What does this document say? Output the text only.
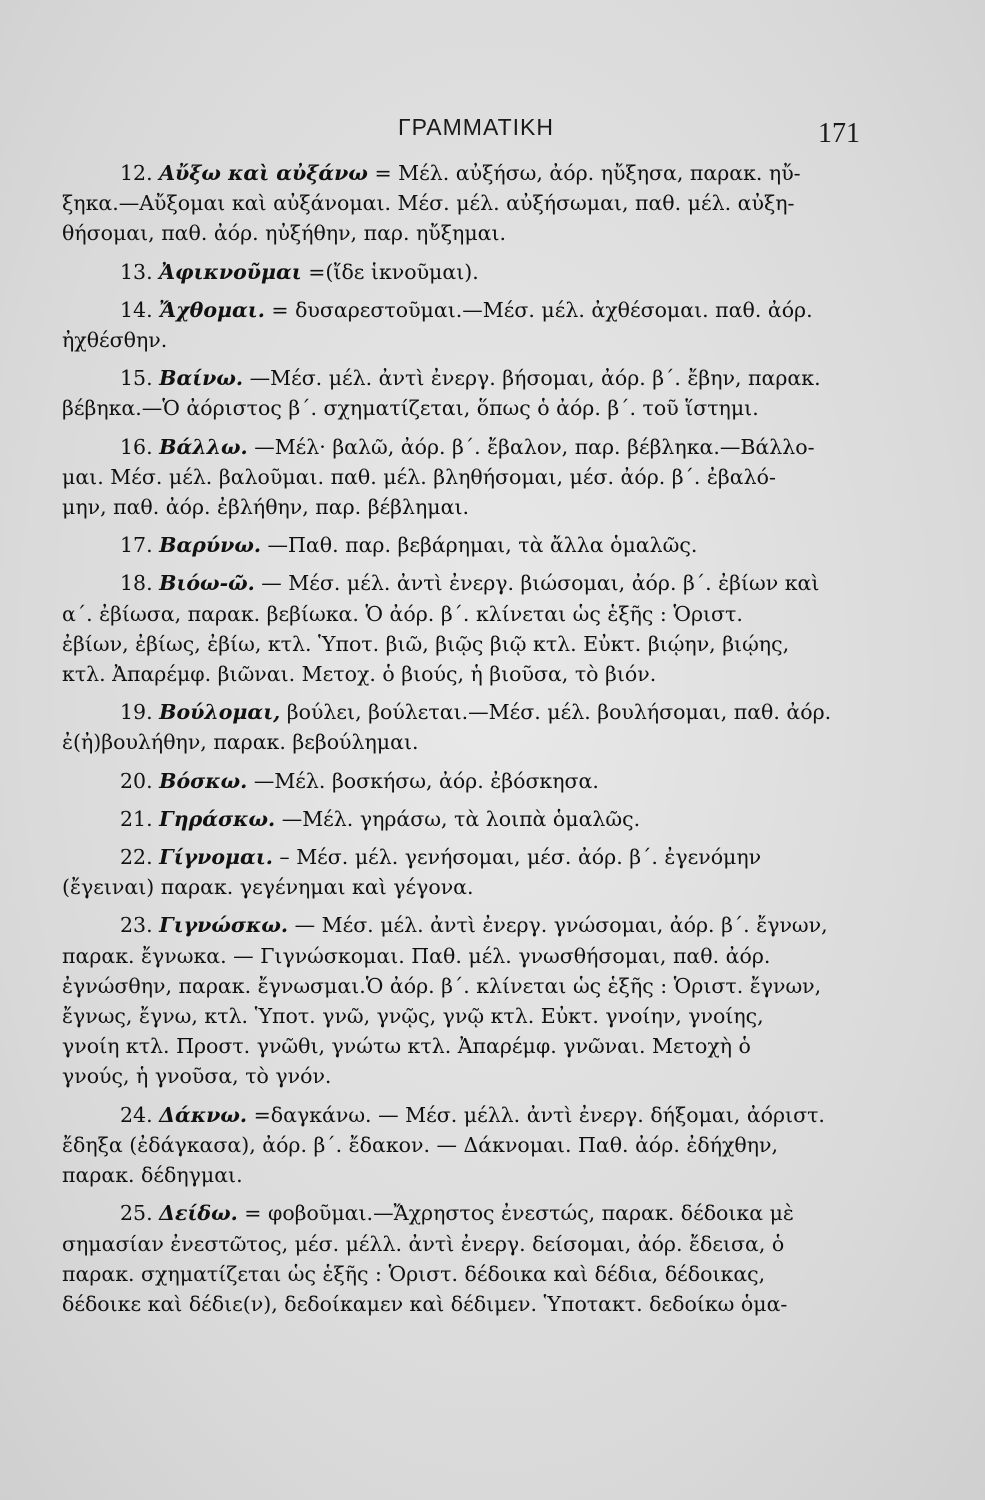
ΓΡΑΜΜΑΤΙΚΗ	171
12. Αὔξω καὶ αὐξάνω = Μέλ. αὐξήσω, ἀόρ. ηὔξησα, παρακ. ηὔ-
ξηκα.—Αὔξομαι καὶ αὐξάνομαι. Μέσ. μέλ. αὐξήσωμαι, παθ. μέλ. αὐξη-
θήσομαι, παθ. ἀόρ. ηὐξήθην, παρ. ηὔξημαι.
13. Ἀφικνοῦμαι =(ἴδε ἱκνοῦμαι).
14. Ἄχθομαι. = δυσαρεστοῦμαι.—Μέσ. μέλ. ἀχθέσομαι. παθ. ἀόρ.
ἠχθέσθην.
15. Βαίνω. —Μέσ. μέλ. ἀντὶ ἐνεργ. βήσομαι, ἀόρ. β΄. ἔβην, παρακ.
βέβηκα.—Ὁ ἀόριστος β΄. σχηματίζεται, ὅπως ὁ ἀόρ. β΄. τοῦ ἵστημι.
16. Βάλλω. —Μέλ· βαλῶ, ἀόρ. β΄. ἔβαλον, παρ. βέβληκα.—Βάλλο-
μαι. Μέσ. μέλ. βαλοῦμαι. παθ. μέλ. βληθήσομαι, μέσ. ἀόρ. β΄. ἐβαλό-
μην, παθ. ἀόρ. ἐβλήθην, παρ. βέβλημαι.
17. Βαρύνω. —Παθ. παρ. βεβάρημαι, τὰ ἄλλα ὁμαλῶς.
18. Βιόω-ῶ. — Μέσ. μέλ. ἀντὶ ἐνεργ. βιώσομαι, ἀόρ. β΄. ἐβίων καὶ
α΄. ἐβίωσα, παρακ. βεβίωκα. Ὁ ἀόρ. β΄. κλίνεται ὡς ἑξῆς : Ὁριστ.
ἐβίων, ἐβίως, ἐβίω, κτλ. Ὑποτ. βιῶ, βιῷς βιῷ κτλ. Εὐκτ. βιῴην, βιῴης,
κτλ. Ἀπαρέμφ. βιῶναι. Μετοχ. ὁ βιούς, ἡ βιοῦσα, τὸ βιόν.
19. Βούλομαι, βούλει, βούλεται.—Μέσ. μέλ. βουλήσομαι, παθ. ἀόρ.
ἐ(ἠ)βουλήθην, παρακ. βεβούλημαι.
20. Βόσκω. —Μέλ. βοσκήσω, ἀόρ. ἐβόσκησα.
21. Γηράσκω. —Μέλ. γηράσω, τὰ λοιπὰ ὁμαλῶς.
22. Γίγνομαι. – Μέσ. μέλ. γενήσομαι, μέσ. ἀόρ. β΄. ἐγενόμην
(ἔγειναι) παρακ. γεγένημαι καὶ γέγονα.
23. Γιγνώσκω. — Μέσ. μέλ. ἀντὶ ἐνεργ. γνώσομαι, ἀόρ. β΄. ἔγνων,
παρακ. ἔγνωκα. — Γιγνώσκομαι. Παθ. μέλ. γνωσθήσομαι, παθ. ἀόρ.
ἐγνώσθην, παρακ. ἔγνωσμαι.Ὁ ἀόρ. β΄. κλίνεται ὡς ἑξῆς : Ὁριστ. ἔγνων,
ἔγνως, ἔγνω, κτλ. Ὑποτ. γνῶ, γνῷς, γνῷ κτλ. Εὐκτ. γνοίην, γνοίης,
γνοίη κτλ. Προστ. γνῶθι, γνώτω κτλ. Ἀπαρέμφ. γνῶναι. Μετοχὴ ὁ
γνούς, ἡ γνοῦσα, τὸ γνόν.
24. Δάκνω. =δαγκάνω. — Μέσ. μέλλ. ἀντὶ ἐνεργ. δήξομαι, ἀόριστ.
ἔδηξα (ἐδάγκασα), ἀόρ. β΄. ἔδακον. — Δάκνομαι. Παθ. ἀόρ. ἐδήχθην,
παρακ. δέδηγμαι.
25. Δείδω. = φοβοῦμαι.—Ἄχρηστος ἐνεστώς, παρακ. δέδοικα μὲ
σημασίαν ἐνεστῶτος, μέσ. μέλλ. ἀντὶ ἐνεργ. δείσομαι, ἀόρ. ἔδεισα, ὁ
παρακ. σχηματίζεται ὡς ἑξῆς : Ὁριστ. δέδοικα καὶ δέδια, δέδοικας,
δέδοικε καὶ δέδιε(ν), δεδοίκαμεν καὶ δέδιμεν. Ὑποτακτ. δεδοίκω ὁμα-
